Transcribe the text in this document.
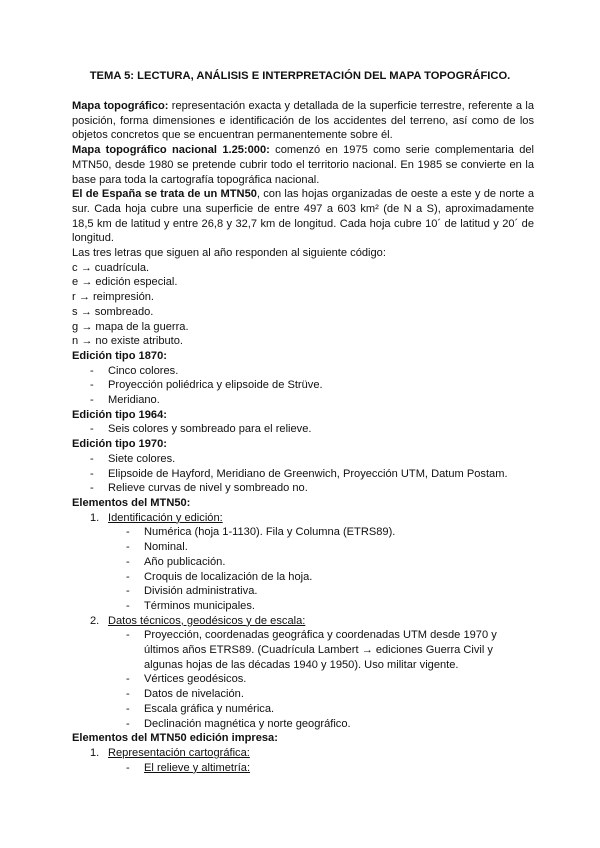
TEMA 5: LECTURA, ANÁLISIS E INTERPRETACIÓN DEL MAPA TOPOGRÁFICO.

Mapa topográfico: representación exacta y detallada de la superficie terrestre, referente a la posición, forma dimensiones e identificación de los accidentes del terreno, así como de los objetos concretos que se encuentran permanentemente sobre él.

Mapa topográfico nacional 1.25:000: comenzó en 1975 como serie complementaria del MTN50, desde 1980 se pretende cubrir todo el territorio nacional. En 1985 se convierte en la base para toda la cartografía topográfica nacional.

El de España se trata de un MTN50, con las hojas organizadas de oeste a este y de norte a sur. Cada hoja cubre una superficie de entre 497 a 603 km² (de N a S), aproximadamente 18,5 km de latitud y entre 26,8 y 32,7 km de longitud. Cada hoja cubre 10´ de latitud y 20´ de longitud.

Las tres letras que siguen al año responden al siguiente código:

c → cuadrícula.

e → edición especial.

r → reimpresión.

s → sombreado.

g → mapa de la guerra.

n → no existe atributo.

Edición tipo 1870:

- Cinco colores.
- Proyección poliédrica y elipsoide de Strüve.
- Meridiano.

Edición tipo 1964:

- Seis colores y sombreado para el relieve.

Edición tipo 1970:

- Siete colores.
- Elipsoide de Hayford, Meridiano de Greenwich, Proyección UTM, Datum Postam.
- Relieve curvas de nivel y sombreado no.

Elementos del MTN50:

1. Identificación y edición:
- Numérica (hoja 1-1130). Fila y Columna (ETRS89).
- Nominal.
- Año publicación.
- Croquis de localización de la hoja.
- División administrativa.
- Términos municipales.
2. Datos técnicos, geodésicos y de escala:
- Proyección, coordenadas geográfica y coordenadas UTM desde 1970 y últimos años ETRS89. (Cuadrícula Lambert → ediciones Guerra Civil y algunas hojas de las décadas 1940 y 1950). Uso militar vigente.
- Vértices geodésicos.
- Datos de nivelación.
- Escala gráfica y numérica.
- Declinación magnética y norte geográfico.

Elementos del MTN50 edición impresa:

1. Representación cartográfica:
- El relieve y altimetría:
